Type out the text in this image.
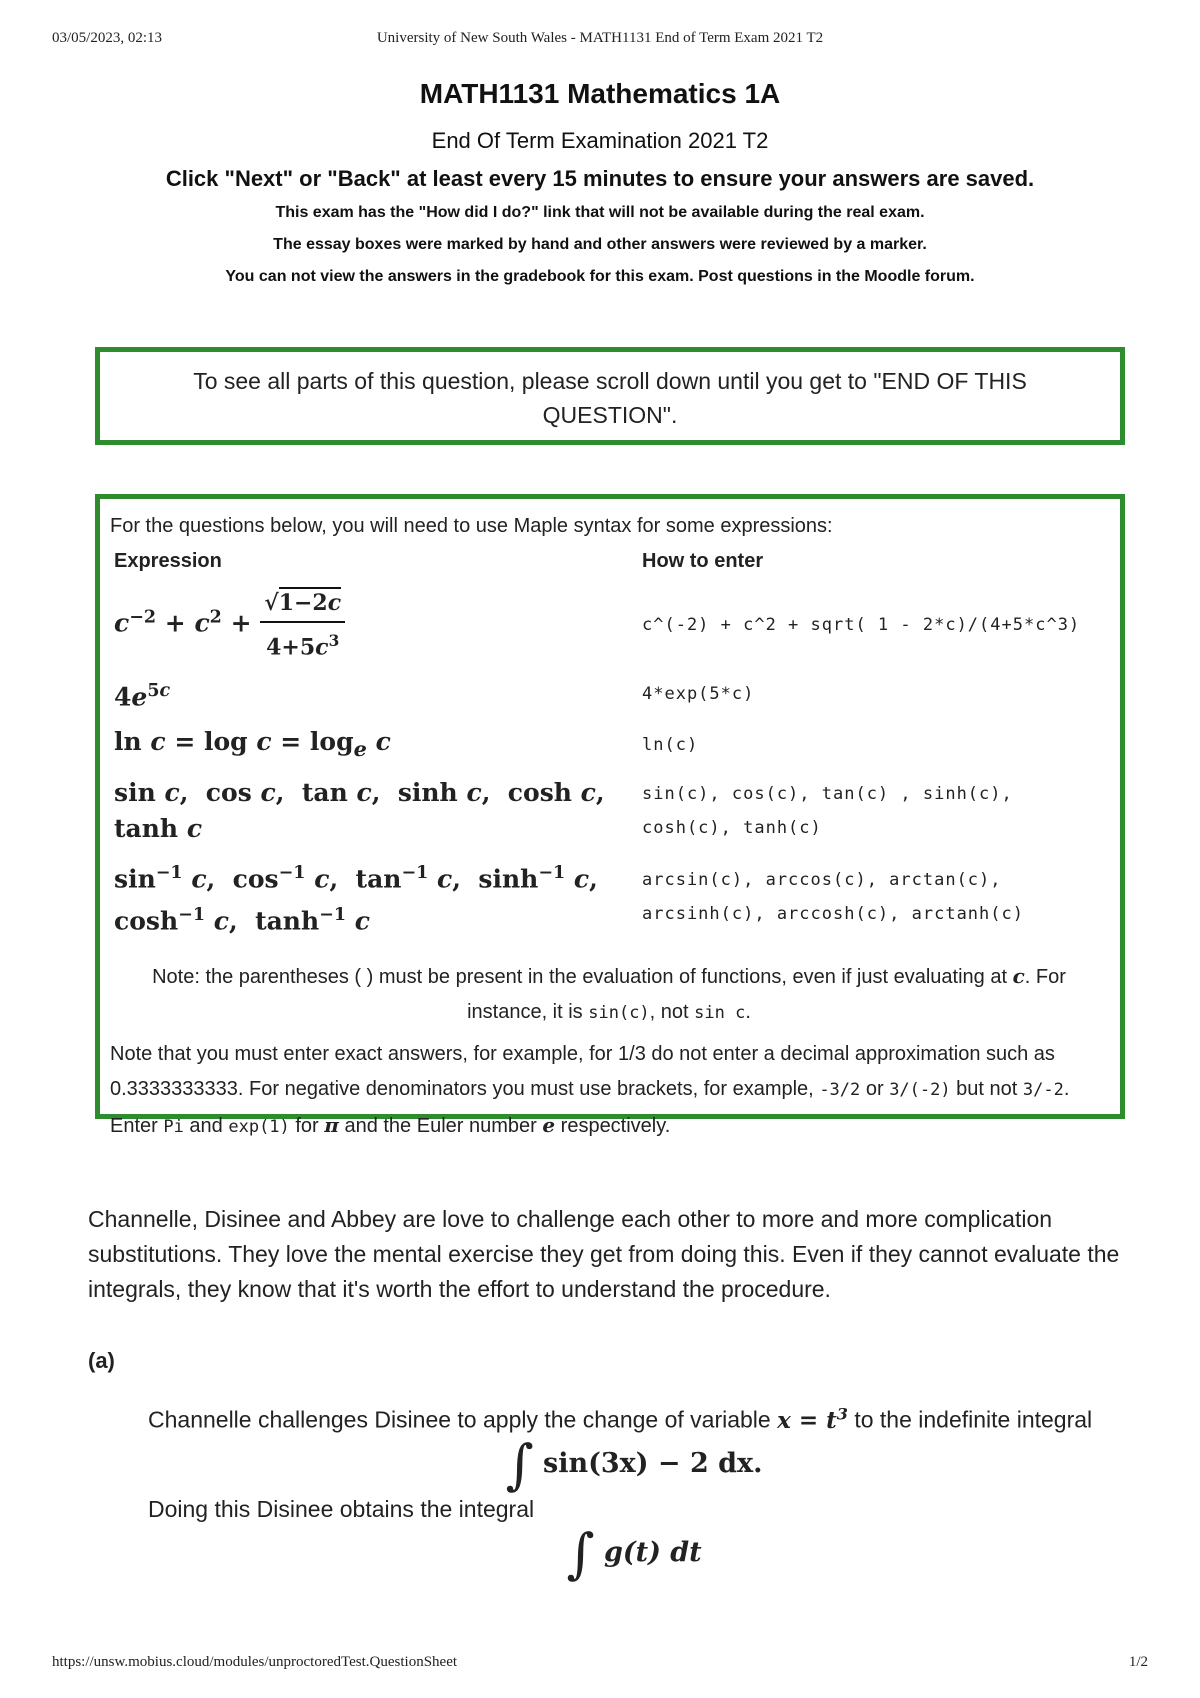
03/05/2023, 02:13	University of New South Wales - MATH1131 End of Term Exam 2021 T2
MATH1131 Mathematics 1A
End Of Term Examination 2021 T2
Click "Next" or "Back" at least every 15 minutes to ensure your answers are saved.
This exam has the "How did I do?" link that will not be available during the real exam.
The essay boxes were marked by hand and other answers were reviewed by a marker.
You can not view the answers in the gradebook for this exam. Post questions in the Moodle forum.
To see all parts of this question, please scroll down until you get to "END OF THIS QUESTION".

For the questions below, you will need to use Maple syntax for some expressions:

Expression	How to enter
$c^{-2} + c^2 + \frac{√1-2c}{4+5c^3}$	c^(-2) + c^2 + sqrt( 1 - 2*c)/(4+5*c^3)
$4e^{5c}$	4*exp(5*c)
$\ln c = \log c = \log_e c$	ln(c)
sin c,  cos c,  tan c,  sinh c,  cosh c,
tanh c	sin(c), cos(c), tan(c) , sinh(c), cosh(c), tanh(c)
$\sin^{-1} c$,  $\cos^{-1} c$,  $\tan^{-1} c$,  $\sinh^{-1} c$,
$\cosh^{-1} c$,  $\tanh^{-1} c$	arcsin(c), arccos(c), arctan(c), arcsinh(c), arccosh(c), arctanh(c)

Note: the parentheses ( ) must be present in the evaluation of functions, even if just evaluating at c. For instance, it is sin(c), not sin c.

Note that you must enter exact answers, for example, for 1/3 do not enter a decimal approximation such as 0.3333333333. For negative denominators you must use brackets, for example, -3/2 or 3/(-2) but not 3/-2. Enter Pi and exp(1) for π and the Euler number e respectively.

Channelle, Disinee and Abbey are love to challenge each other to more and more complication substitutions. They love the mental exercise they get from doing this. Even if they cannot evaluate the integrals, they know that it's worth the effort to understand the procedure.

(a)

Channelle challenges Disinee to apply the change of variable $x = t^3$ to the indefinite integral

∫ sin(3x) − 2 dx.

Doing this Disinee obtains the integral

∫ g(t) dt
https://unsw.mobius.cloud/modules/unproctoredTest.QuestionSheet	1/2
